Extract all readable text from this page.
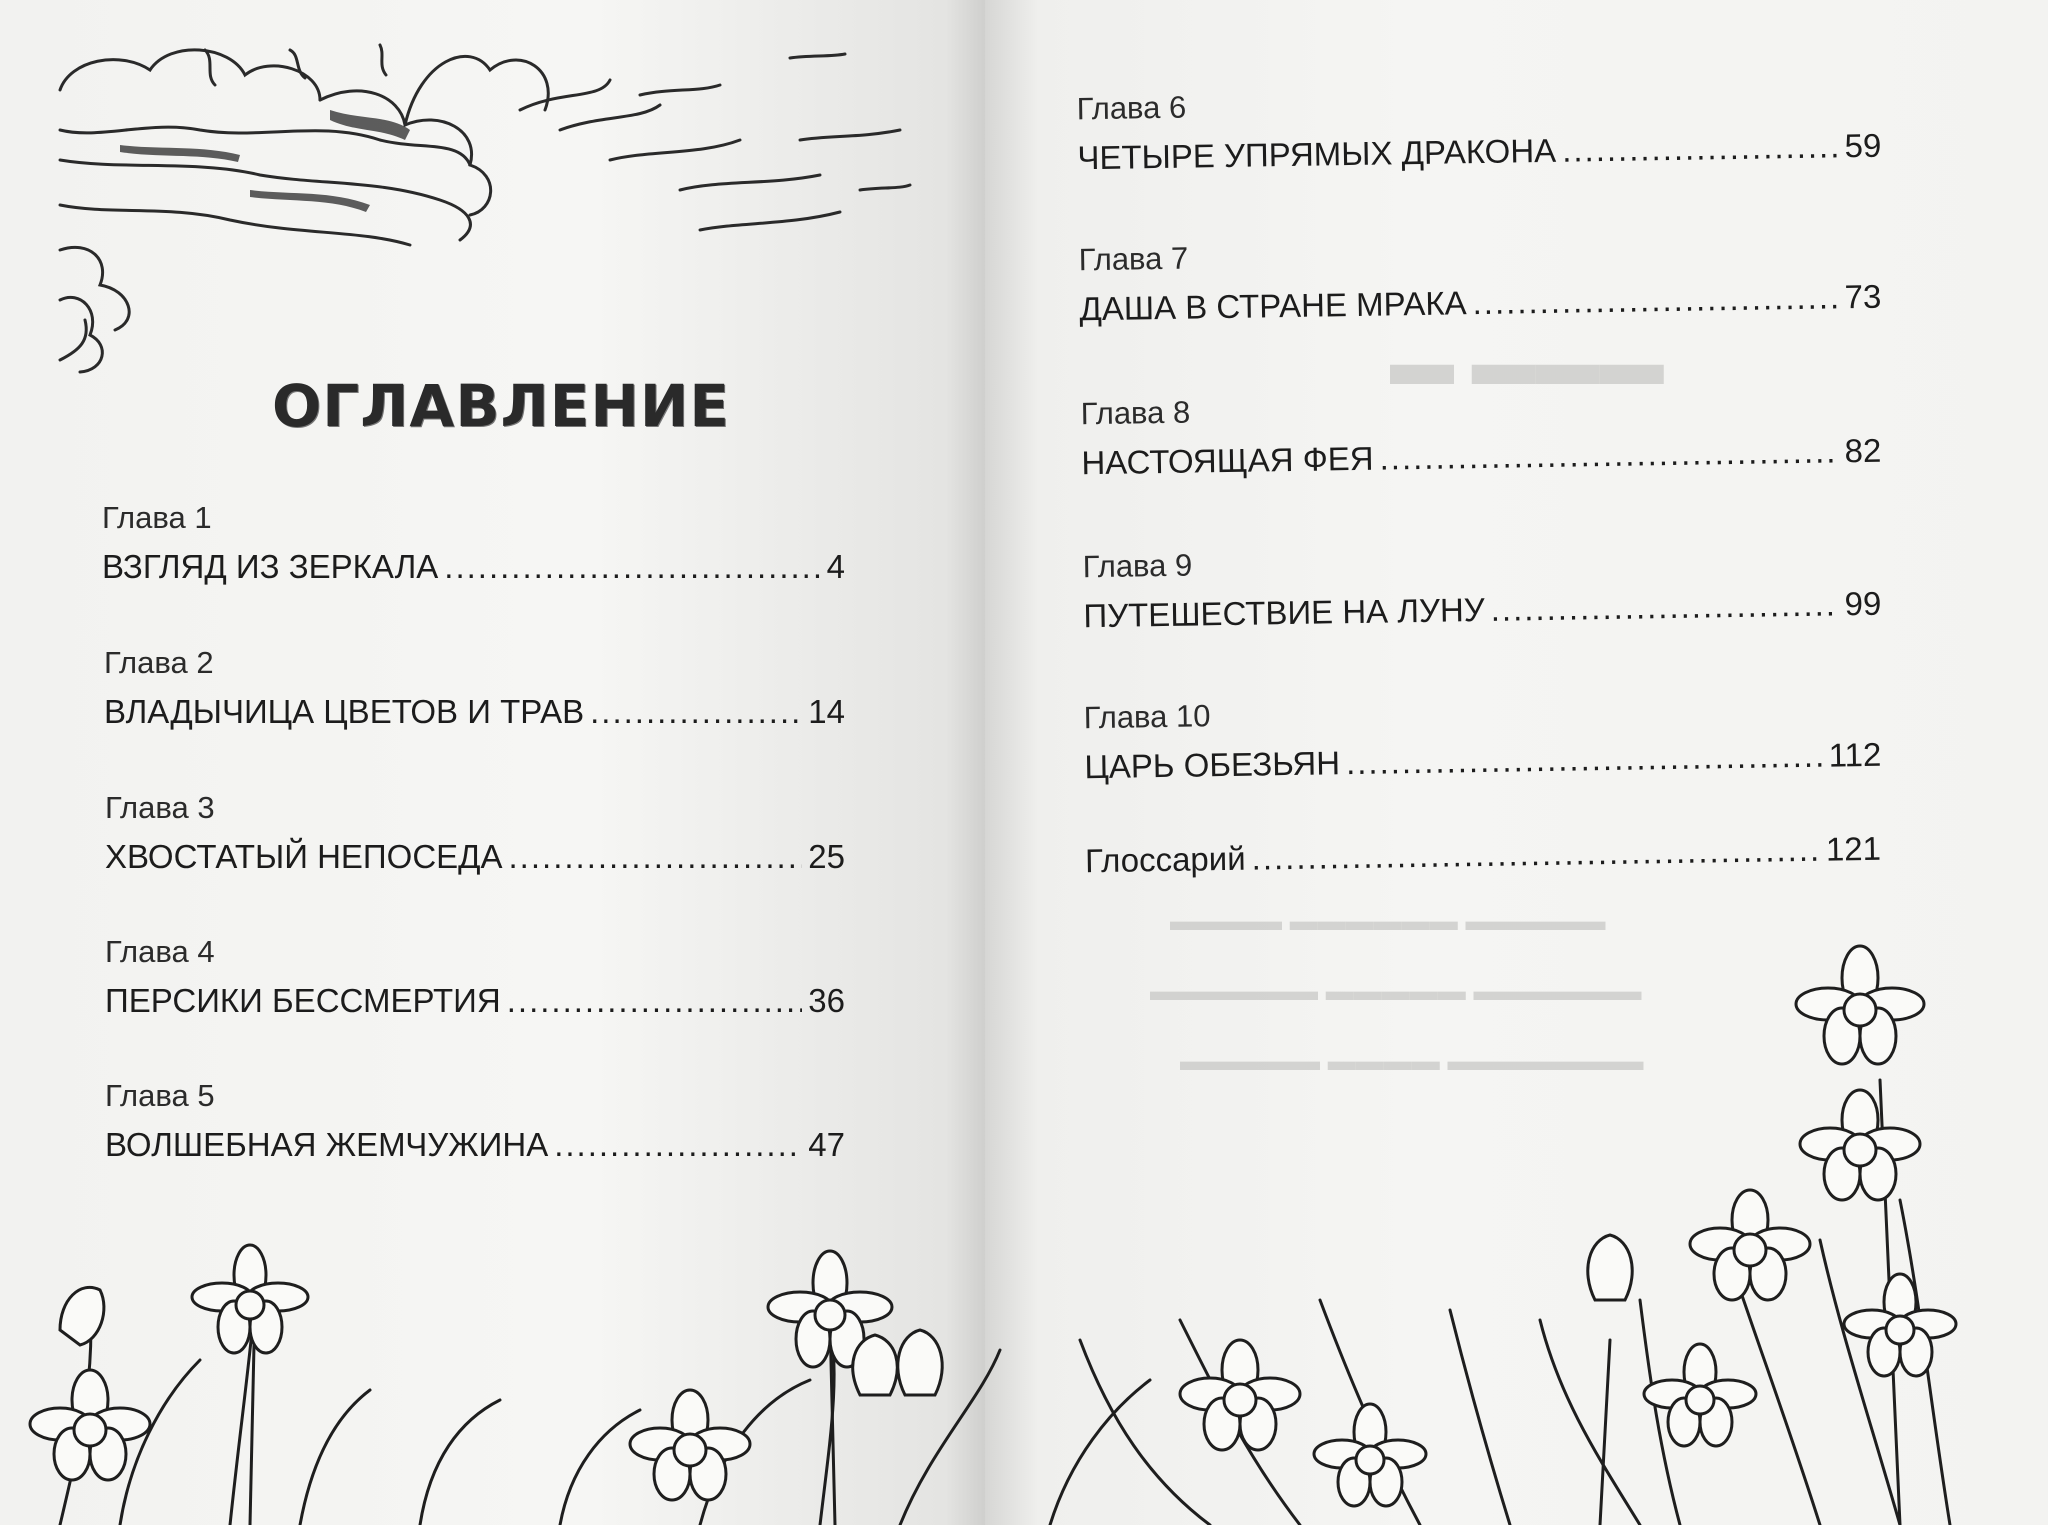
▬ ▬▬▬
▬▬▬▬ ▬▬▬▬▬▬ ▬▬▬▬▬
▬▬▬▬▬▬ ▬▬▬▬▬ ▬▬▬▬▬▬
▬▬▬▬▬ ▬▬▬▬ ▬▬▬▬▬▬▬
ОГЛАВЛЕНИЕ
Глава 1
ВЗГЛЯД ИЗ ЗЕРКАЛА .....	4
Глава 2
ВЛАДЫЧИЦА ЦВЕТОВ И ТРАВ .....	14
Глава 3
ХВОСТАТЫЙ НЕПОСЕДА .....	25
Глава 4
ПЕРСИКИ БЕССМЕРТИЯ .....	36
Глава 5
ВОЛШЕБНАЯ ЖЕМЧУЖИНА .....	47
Глава 6
ЧЕТЫРЕ УПРЯМЫХ ДРАКОНА .....	59
Глава 7
ДАША В СТРАНЕ МРАКА .....	73
Глава 8
НАСТОЯЩАЯ ФЕЯ .....	82
Глава 9
ПУТЕШЕСТВИЕ НА ЛУНУ .....	99
Глава 10
ЦАРЬ ОБЕЗЬЯН .....	112
Глоссарий .....	121
